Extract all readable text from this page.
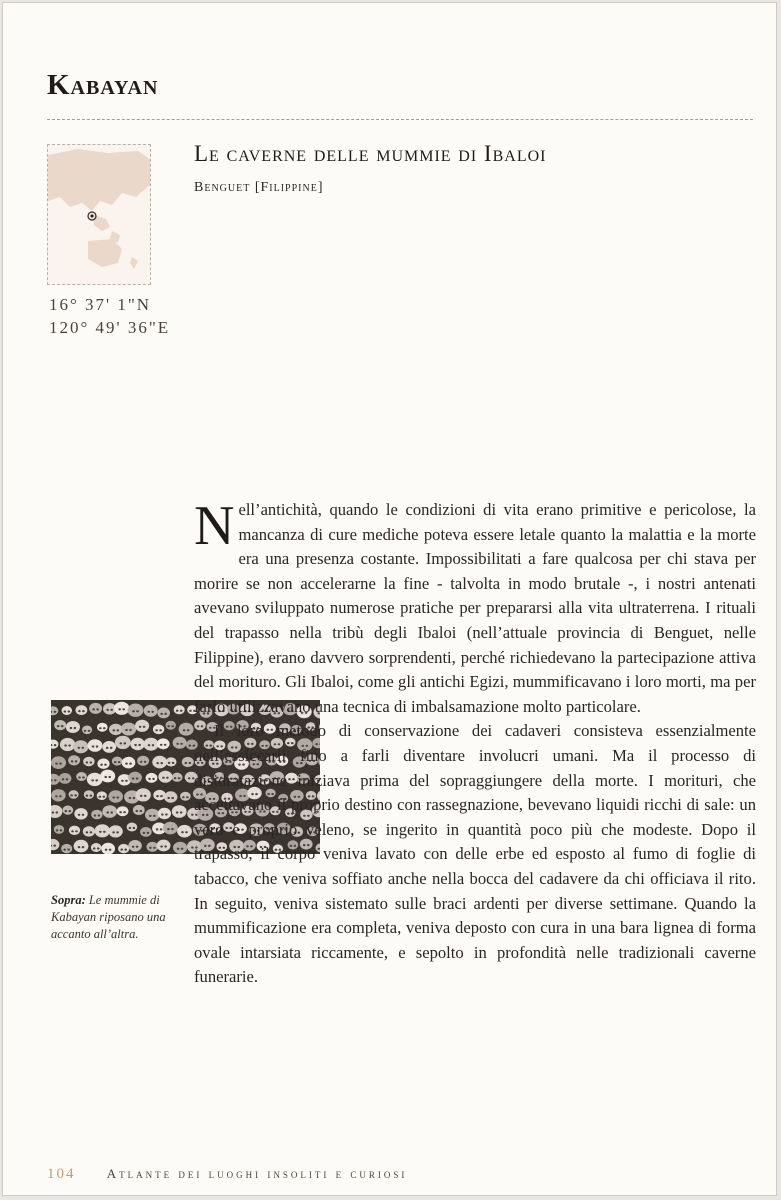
Kabayan
16° 37' 1"N
120° 49' 36"E
Le caverne delle mummie di Ibaloi
Benguet [Filippine]

Nell’antichità, quando le condizioni di vita erano primitive e pericolose, la mancanza di cure mediche poteva essere letale quanto la malattia e la morte era una presenza costante. Impossibilitati a fare qualcosa per chi stava per morire se non accelerarne la fine - talvolta in modo brutale -, i nostri antenati avevano sviluppato numerose pratiche per prepararsi alla vita ultraterrena. I rituali del trapasso nella tribù degli Ibaloi (nell’attuale provincia di Benguet, nelle Filippine), erano davvero sorprendenti, perché richiedevano la partecipazione attiva del morituro. Gli Ibaloi, come gli antichi Egizi, mummificavano i loro morti, ma per farlo utilizzavano una tecnica di imbalsamazione molto particolare.

Il loro metodo di conservazione dei cadaveri consisteva essenzialmente nell’essiccarli fino a farli diventare involucri umani. Ma il processo di disidratazione iniziava prima del sopraggiungere della morte. I morituri, che accettavano il proprio destino con rassegnazione, bevevano liquidi ricchi di sale: un vero e proprio veleno, se ingerito in quantità poco più che modeste. Dopo il trapasso, il corpo veniva lavato con delle erbe ed esposto al fumo di foglie di tabacco, che veniva soffiato anche nella bocca del cadavere da chi officiava il rito. In seguito, veniva sistemato sulle braci ardenti per diverse settimane. Quando la mummificazione era completa, veniva deposto con cura in una bara lignea di forma ovale intarsiata riccamente, e sepolto in profondità nelle tradizionali caverne funerarie.

Sopra: Le mummie di Kabayan riposano una accanto all’altra.
104 Atlante dei luoghi insoliti e curiosi
